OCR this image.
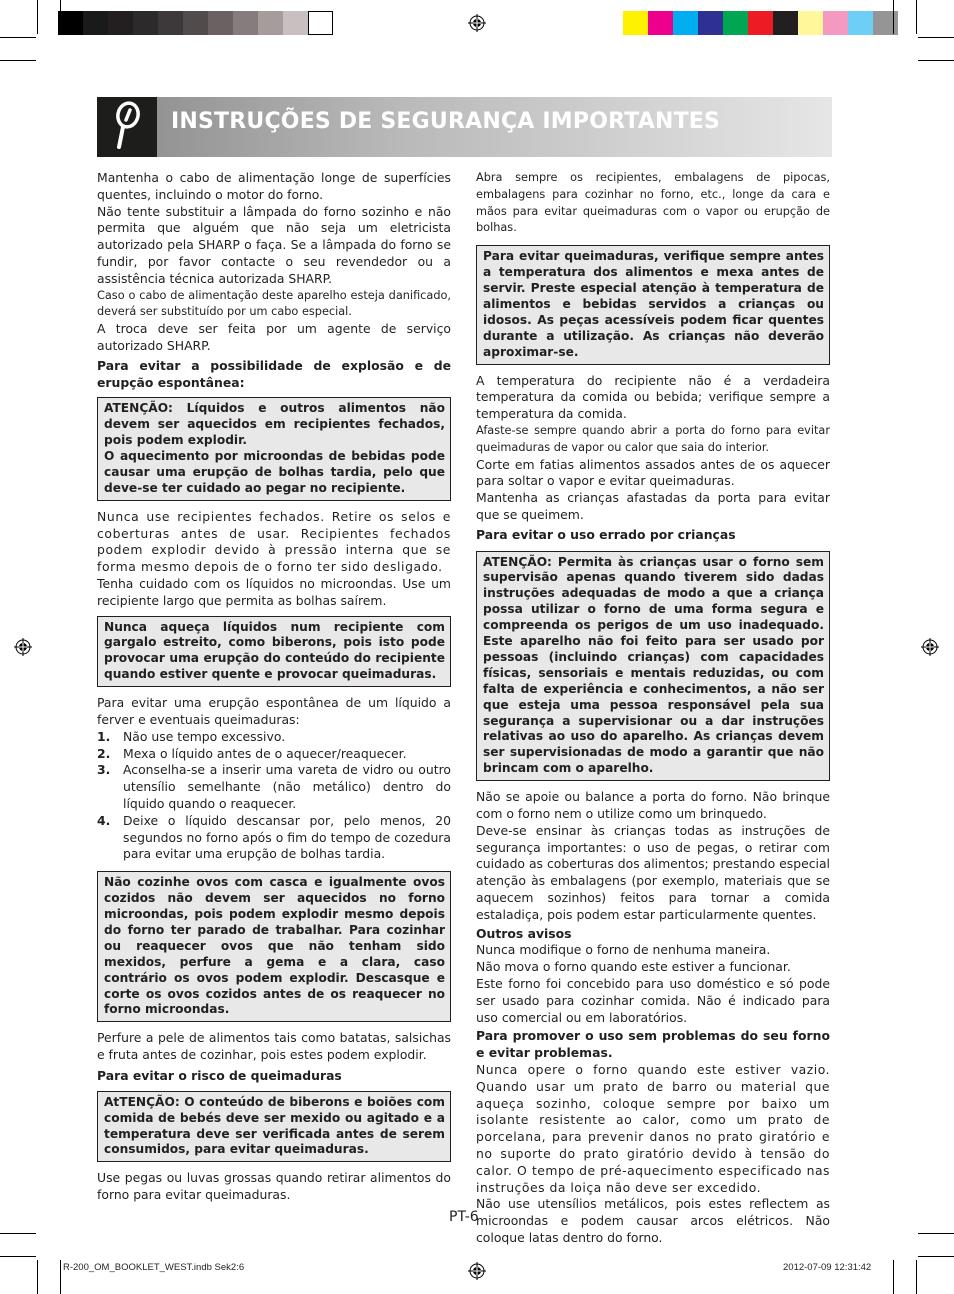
INSTRUÇÕES DE SEGURANÇA IMPORTANTES

Mantenha o cabo de alimentação longe de superfícies quentes, incluindo o motor do forno.

Não tente substituir a lâmpada do forno sozinho e não permita que alguém que não seja um eletricista autorizado pela SHARP o faça. Se a lâmpada do forno se fundir, por favor contacte o seu revendedor ou a assistência técnica autorizada SHARP.

Caso o cabo de alimentação deste aparelho esteja danificado, deverá ser substituído por um cabo especial.

A troca deve ser feita por um agente de serviço autorizado SHARP.

Para evitar a possibilidade de explosão e de erupção espontânea:

ATENÇÃO: Líquidos e outros alimentos não devem ser aquecidos em recipientes fechados, pois podem explodir.

O aquecimento por microondas de bebidas pode causar uma erupção de bolhas tardia, pelo que deve-se ter cuidado ao pegar no recipiente.

Nunca use recipientes fechados. Retire os selos e coberturas antes de usar. Recipientes fechados podem explodir devido à pressão interna que se forma mesmo depois de o forno ter sido desligado.

Tenha cuidado com os líquidos no microondas. Use um recipiente largo que permita as bolhas saírem.

Nunca aqueça líquidos num recipiente com gargalo estreito, como biberons, pois isto pode provocar uma erupção do conteúdo do recipiente quando estiver quente e provocar queimaduras.

Para evitar uma erupção espontânea de um líquido a ferver e eventuais queimaduras:

1. Não use tempo excessivo.
2. Mexa o líquido antes de o aquecer/reaquecer.
3. Aconselha-se a inserir uma vareta de vidro ou outro utensílio semelhante (não metálico) dentro do líquido quando o reaquecer.
4. Deixe o líquido descansar por, pelo menos, 20 segundos no forno após o fim do tempo de cozedura para evitar uma erupção de bolhas tardia.

Não cozinhe ovos com casca e igualmente ovos cozidos não devem ser aquecidos no forno microondas, pois podem explodir mesmo depois do forno ter parado de trabalhar. Para cozinhar ou reaquecer ovos que não tenham sido mexidos, perfure a gema e a clara, caso contrário os ovos podem explodir. Descasque e corte os ovos cozidos antes de os reaquecer no forno microondas.

Perfure a pele de alimentos tais como batatas, salsichas e fruta antes de cozinhar, pois estes podem explodir.

Para evitar o risco de queimaduras

AtTENÇÃO: O conteúdo de biberons e boiões com comida de bebés deve ser mexido ou agitado e a temperatura deve ser verificada antes de serem consumidos, para evitar queimaduras.

Use pegas ou luvas grossas quando retirar alimentos do forno para evitar queimaduras.

Abra sempre os recipientes, embalagens de pipocas, embalagens para cozinhar no forno, etc., longe da cara e mãos para evitar queimaduras com o vapor ou erupção de bolhas.

Para evitar queimaduras, verifique sempre antes a temperatura dos alimentos e mexa antes de servir. Preste especial atenção à temperatura de alimentos e bebidas servidos a crianças ou idosos. As peças acessíveis podem ficar quentes durante a utilização. As crianças não deverão aproximar-se.

A temperatura do recipiente não é a verdadeira temperatura da comida ou bebida; verifique sempre a temperatura da comida.

Afaste-se sempre quando abrir a porta do forno para evitar queimaduras de vapor ou calor que saia do interior.

Corte em fatias alimentos assados antes de os aquecer para soltar o vapor e evitar queimaduras.

Mantenha as crianças afastadas da porta para evitar que se queimem.

Para evitar o uso errado por crianças

ATENÇÃO: Permita às crianças usar o forno sem supervisão apenas quando tiverem sido dadas instruções adequadas de modo a que a criança possa utilizar o forno de uma forma segura e compreenda os perigos de um uso inadequado. Este aparelho não foi feito para ser usado por pessoas (incluindo crianças) com capacidades físicas, sensoriais e mentais reduzidas, ou com falta de experiência e conhecimentos, a não ser que esteja uma pessoa responsável pela sua segurança a supervisionar ou a dar instruções relativas ao uso do aparelho. As crianças devem ser supervisionadas de modo a garantir que não brincam com o aparelho.

Não se apoie ou balance a porta do forno. Não brinque com o forno nem o utilize como um brinquedo.

Deve-se ensinar às crianças todas as instruções de segurança importantes: o uso de pegas, o retirar com cuidado as coberturas dos alimentos; prestando especial atenção às embalagens (por exemplo, materiais que se aquecem sozinhos) feitos para tornar a comida estaladiça, pois podem estar particularmente quentes.

Outros avisos

Nunca modifique o forno de nenhuma maneira.

Não mova o forno quando este estiver a funcionar.

Este forno foi concebido para uso doméstico e só pode ser usado para cozinhar comida. Não é indicado para uso comercial ou em laboratórios.

Para promover o uso sem problemas do seu forno e evitar problemas.

Nunca opere o forno quando este estiver vazio. Quando usar um prato de barro ou material que aqueça sozinho, coloque sempre por baixo um isolante resistente ao calor, como um prato de porcelana, para prevenir danos no prato giratório e no suporte do prato giratório devido à tensão do calor. O tempo de pré-aquecimento especificado nas instruções da loiça não deve ser excedido.

Não use utensílios metálicos, pois estes reflectem as microondas e podem causar arcos elétricos. Não coloque latas dentro do forno.

PT-6
R-200_OM_BOOKLET_WEST.indb Sek2:6	2012-07-09 12:31:42
